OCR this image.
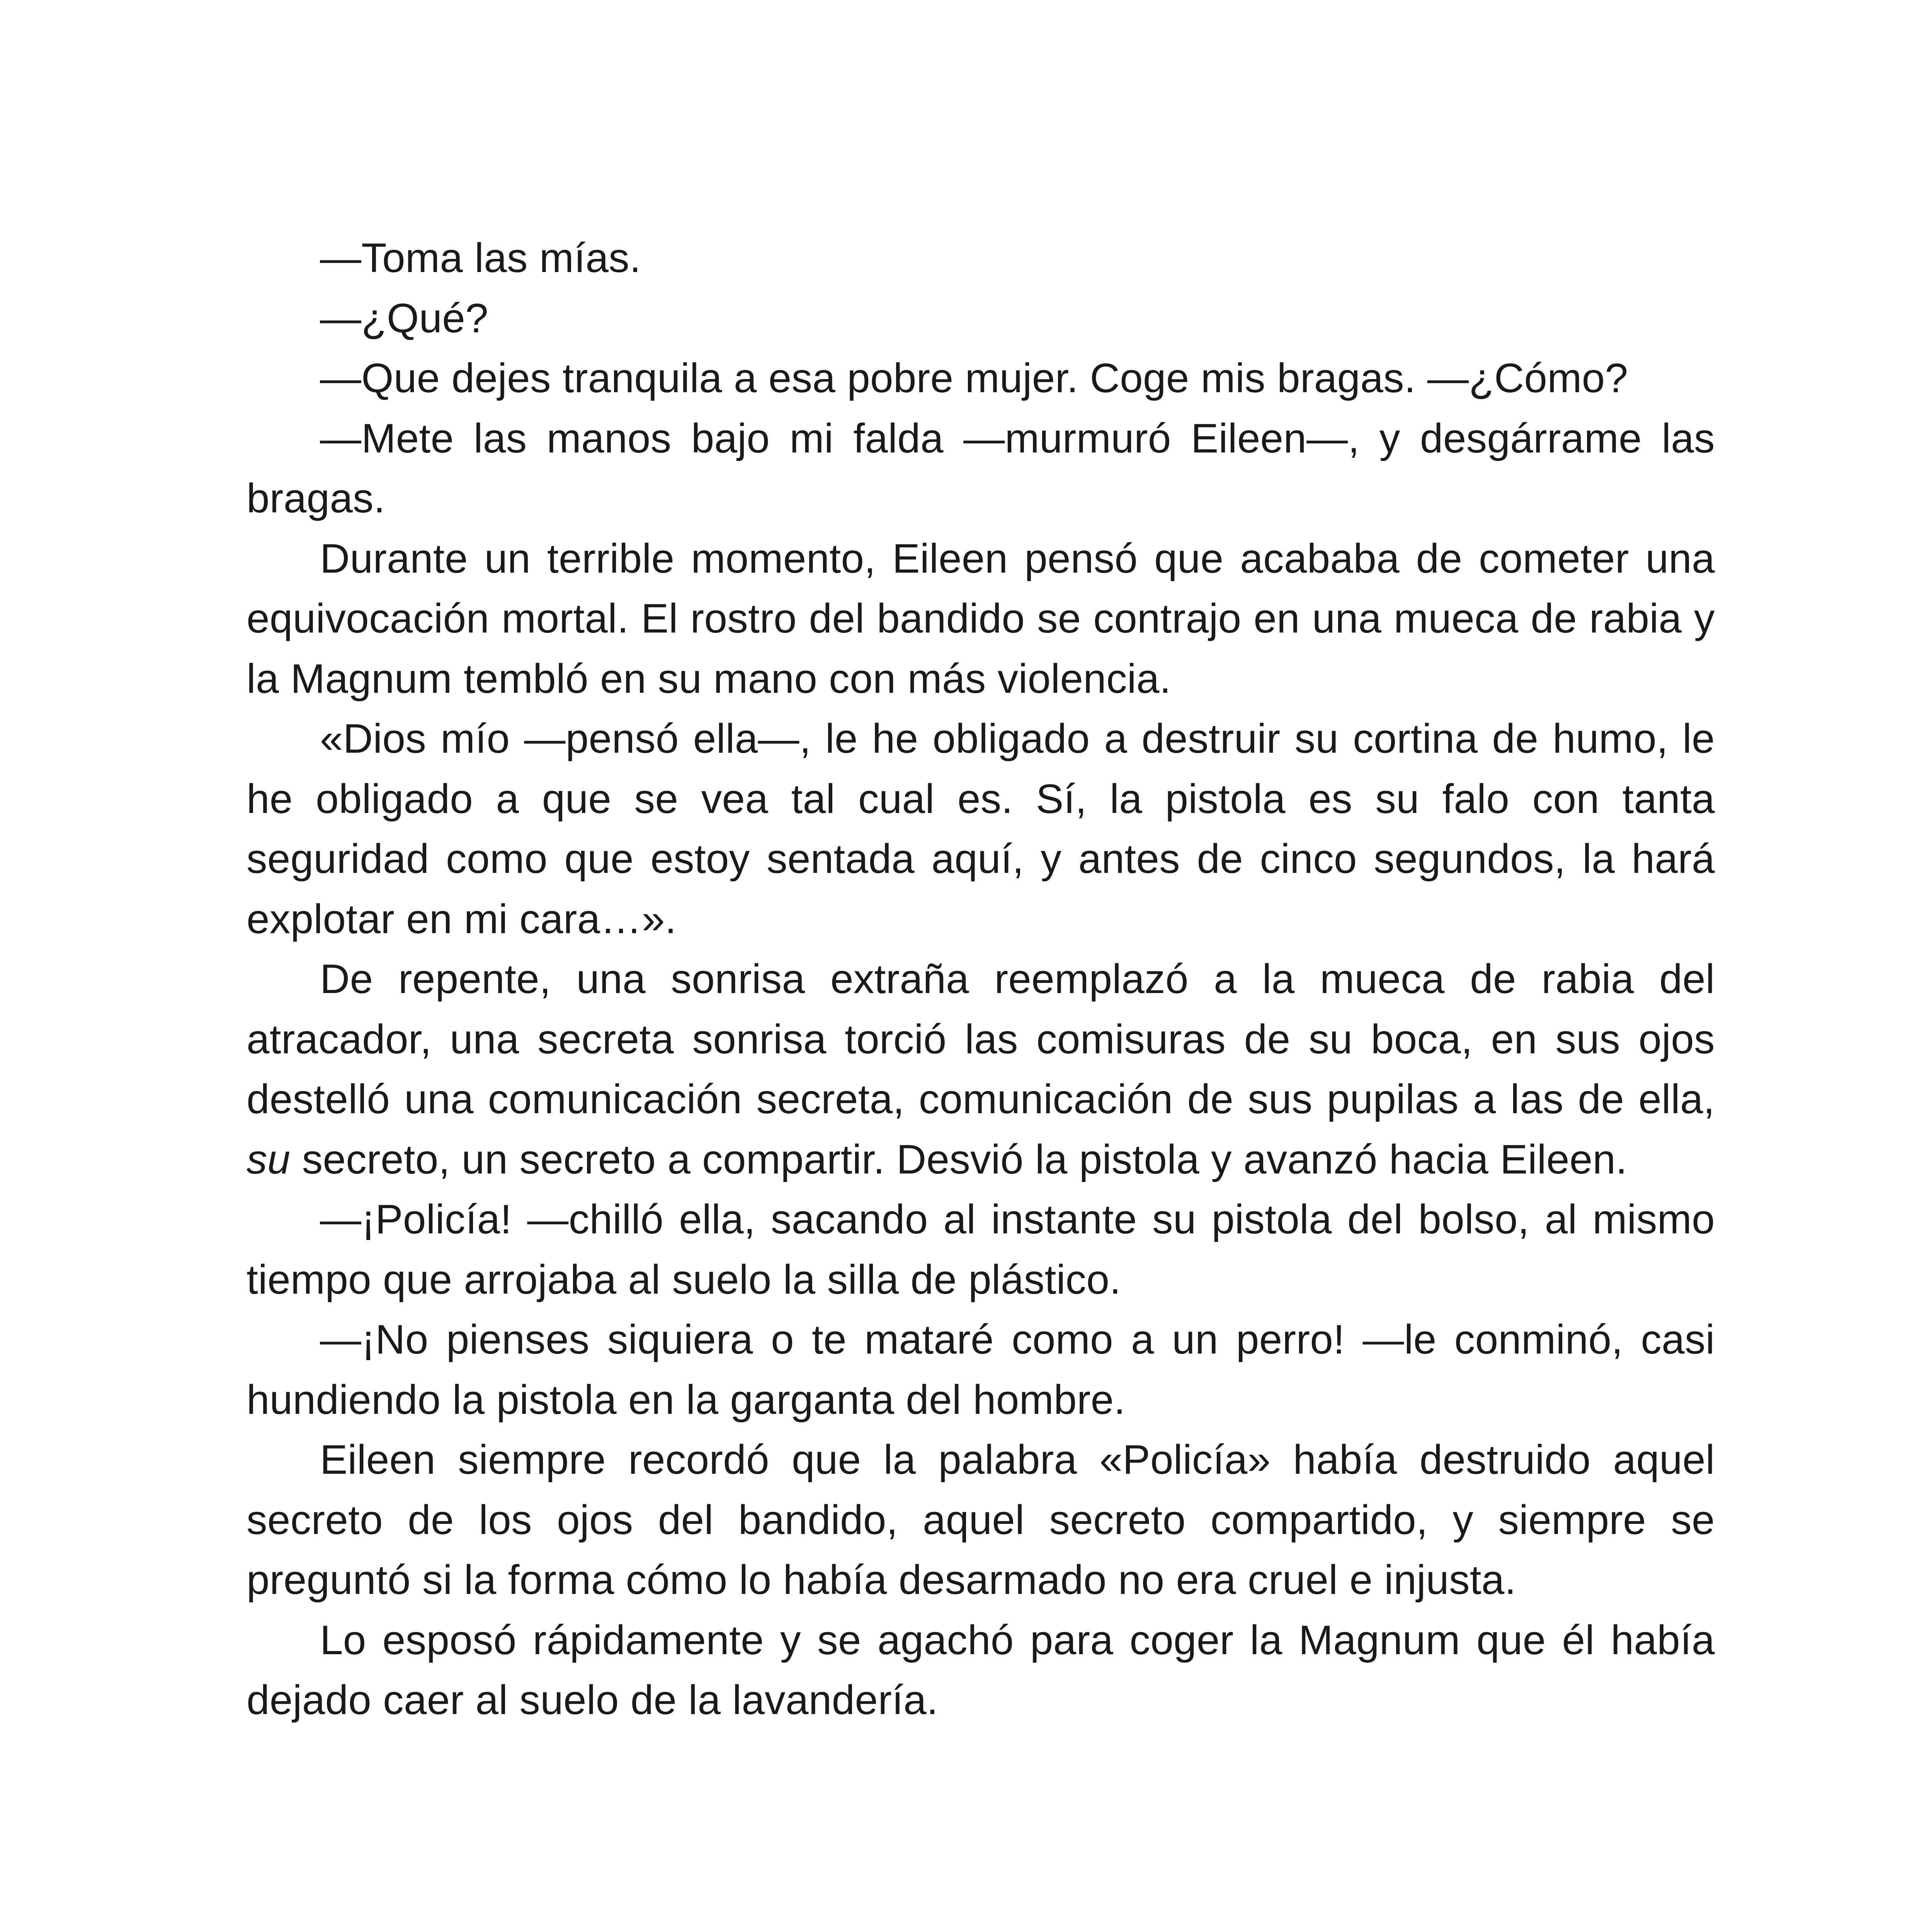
—Toma las mías.

—¿Qué?

—Que dejes tranquila a esa pobre mujer. Coge mis bragas. —¿Cómo?

—Mete las manos bajo mi falda —murmuró Eileen—, y desgárrame las bragas.

Durante un terrible momento, Eileen pensó que acababa de cometer una equivocación mortal. El rostro del bandido se contrajo en una mueca de rabia y la Magnum tembló en su mano con más violencia.

«Dios mío —pensó ella—, le he obligado a destruir su cortina de humo, le he obligado a que se vea tal cual es. Sí, la pistola es su falo con tanta seguridad como que estoy sentada aquí, y antes de cinco segundos, la hará explotar en mi cara…».

De repente, una sonrisa extraña reemplazó a la mueca de rabia del atracador, una secreta sonrisa torció las comisuras de su boca, en sus ojos destelló una comunicación secreta, comunicación de sus pupilas a las de ella, su secreto, un secreto a compartir. Desvió la pistola y avanzó hacia Eileen.

—¡Policía! —chilló ella, sacando al instante su pistola del bolso, al mismo tiempo que arrojaba al suelo la silla de plástico.

—¡No pienses siquiera o te mataré como a un perro! —le conminó, casi hundiendo la pistola en la garganta del hombre.

Eileen siempre recordó que la palabra «Policía» había destruido aquel secreto de los ojos del bandido, aquel secreto compartido, y siempre se preguntó si la forma cómo lo había desarmado no era cruel e injusta.

Lo esposó rápidamente y se agachó para coger la Magnum que él había dejado caer al suelo de la lavandería.
